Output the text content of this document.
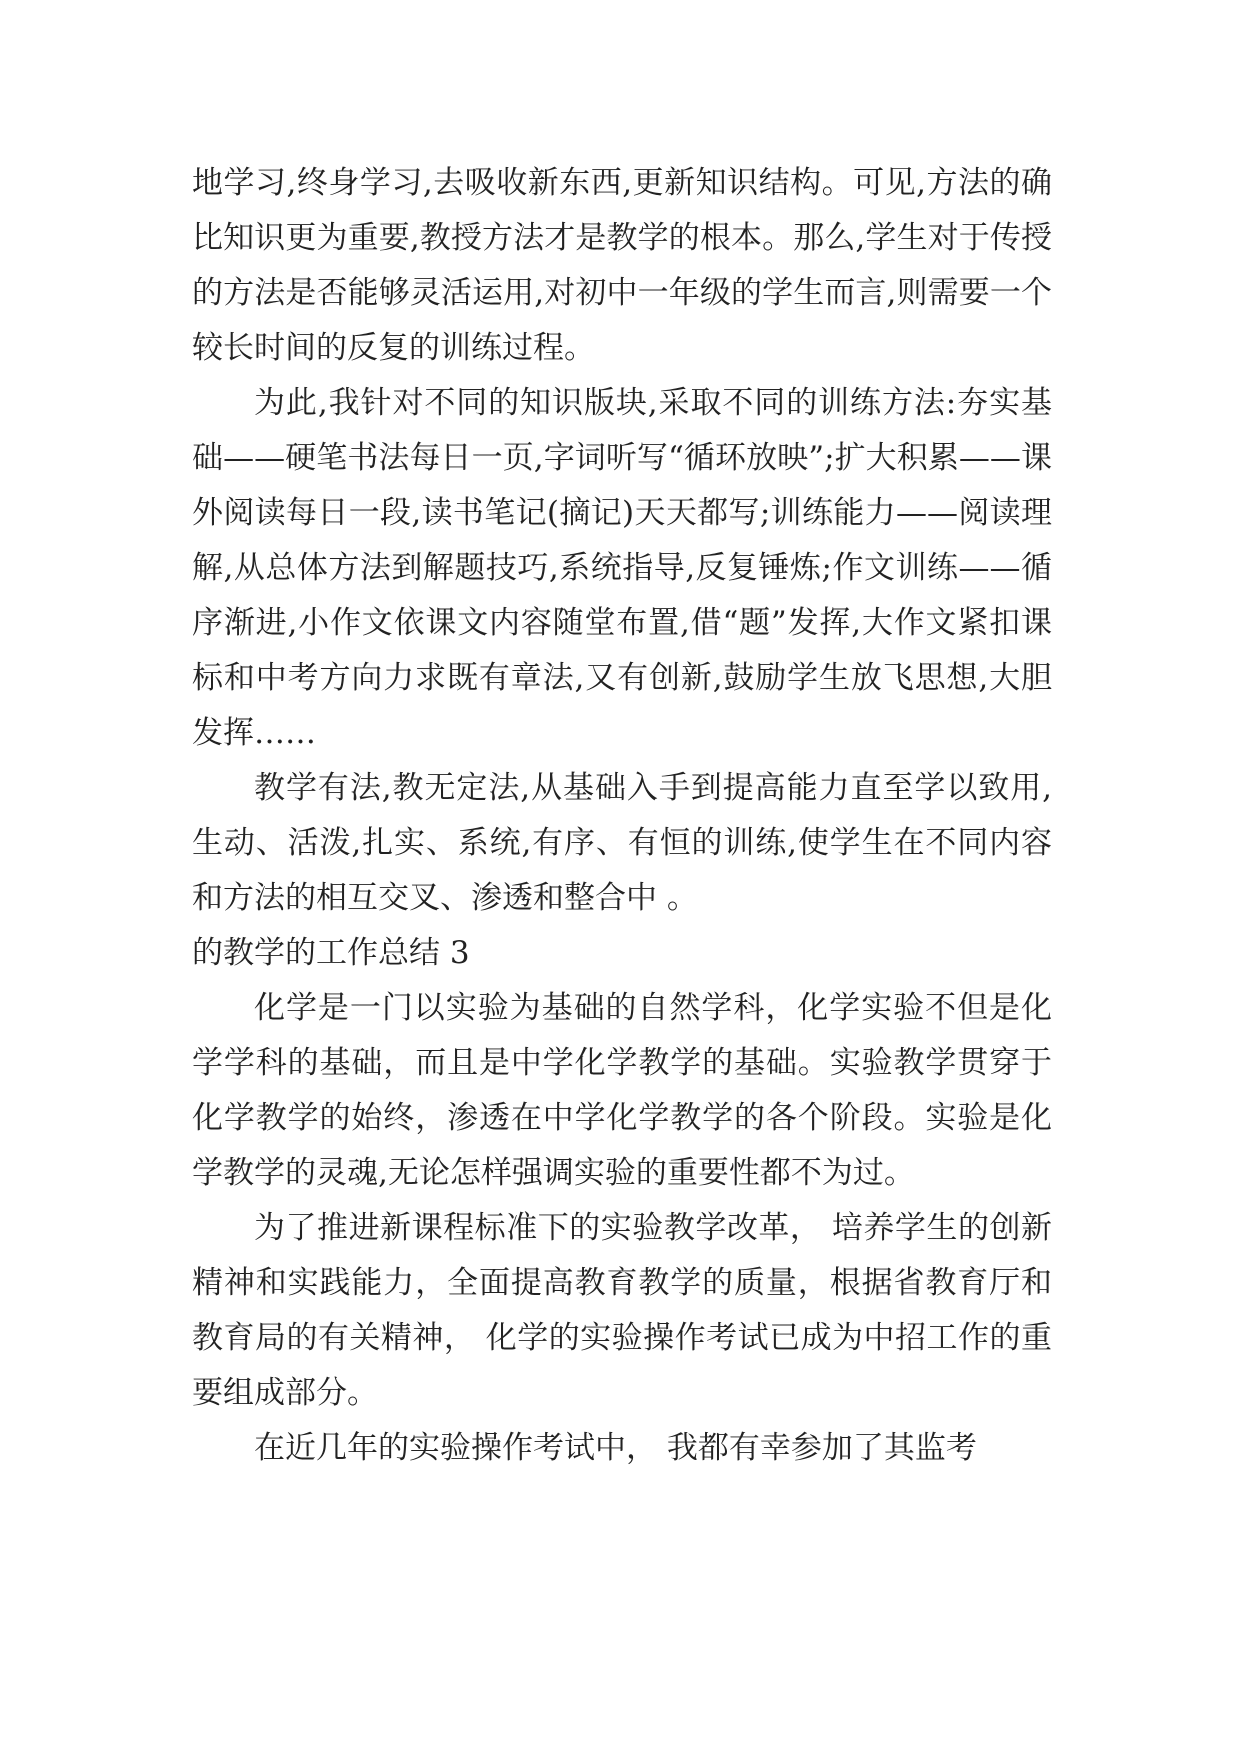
地学习,终身学习,去吸收新东西,更新知识结构。可见,方法的确比知识更为重要,教授方法才是教学的根本。那么,学生对于传授的方法是否能够灵活运用,对初中一年级的学生而言,则需要一个较长时间的反复的训练过程。

为此,我针对不同的知识版块,采取不同的训练方法:夯实基础——硬笔书法每日一页,字词听写“循环放映”;扩大积累——课外阅读每日一段,读书笔记(摘记)天天都写;训练能力——阅读理解,从总体方法到解题技巧,系统指导,反复锤炼;作文训练——循序渐进,小作文依课文内容随堂布置,借“题”发挥,大作文紧扣课标和中考方向力求既有章法,又有创新,鼓励学生放飞思想,大胆发挥……

教学有法,教无定法,从基础入手到提高能力直至学以致用,生动、活泼,扎实、系统,有序、有恒的训练,使学生在不同内容和方法的相互交叉、渗透和整合中 。

的教学的工作总结 3

化学是一门以实验为基础的自然学科，化学实验不但是化学学科的基础，而且是中学化学教学的基础。实验教学贯穿于化学教学的始终，渗透在中学化学教学的各个阶段。实验是化学教学的灵魂,无论怎样强调实验的重要性都不为过。

为了推进新课程标准下的实验教学改革， 培养学生的创新精神和实践能力，全面提高教育教学的质量，根据省教育厅和教育局的有关精神， 化学的实验操作考试已成为中招工作的重要组成部分。

在近几年的实验操作考试中， 我都有幸参加了其监考
